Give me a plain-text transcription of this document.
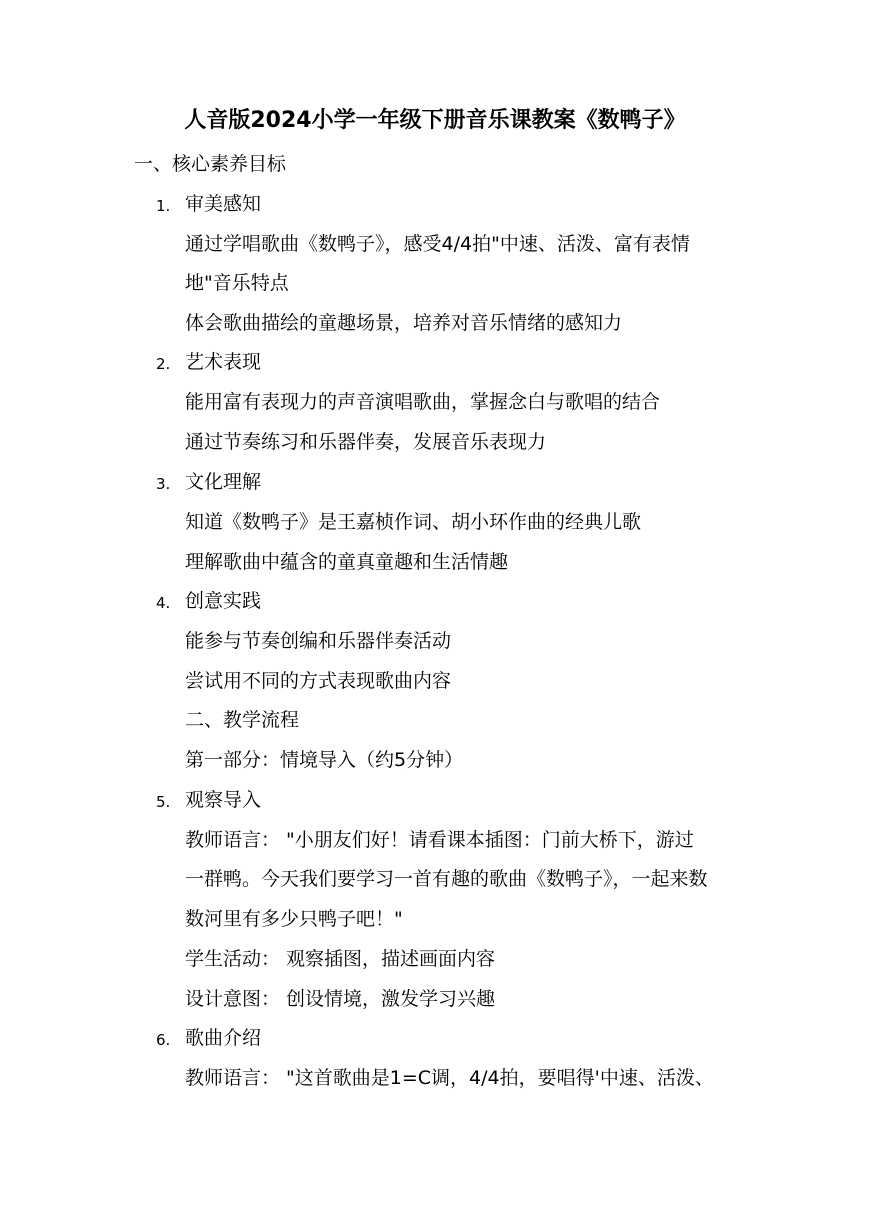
人音版2024小学一年级下册音乐课教案《数鸭子》
一、核心素养目标
1. 审美感知
通过学唱歌曲《数鸭子》，感受4/4拍"中速、活泼、富有表情
地"音乐特点
体会歌曲描绘的童趣场景，培养对音乐情绪的感知力
2. 艺术表现
能用富有表现力的声音演唱歌曲，掌握念白与歌唱的结合
通过节奏练习和乐器伴奏，发展音乐表现力
3. 文化理解
知道《数鸭子》是王嘉桢作词、胡小环作曲的经典儿歌
理解歌曲中蕴含的童真童趣和生活情趣
4. 创意实践
能参与节奏创编和乐器伴奏活动
尝试用不同的方式表现歌曲内容
二、教学流程
第一部分：情境导入（约5分钟）
5. 观察导入
教师语言： "小朋友们好！请看课本插图：门前大桥下，游过
一群鸭。今天我们要学习一首有趣的歌曲《数鸭子》，一起来数
数河里有多少只鸭子吧！"
学生活动： 观察插图，描述画面内容
设计意图： 创设情境，激发学习兴趣
6. 歌曲介绍
教师语言： "这首歌曲是1=C调，4/4拍，要唱得'中速、活泼、
